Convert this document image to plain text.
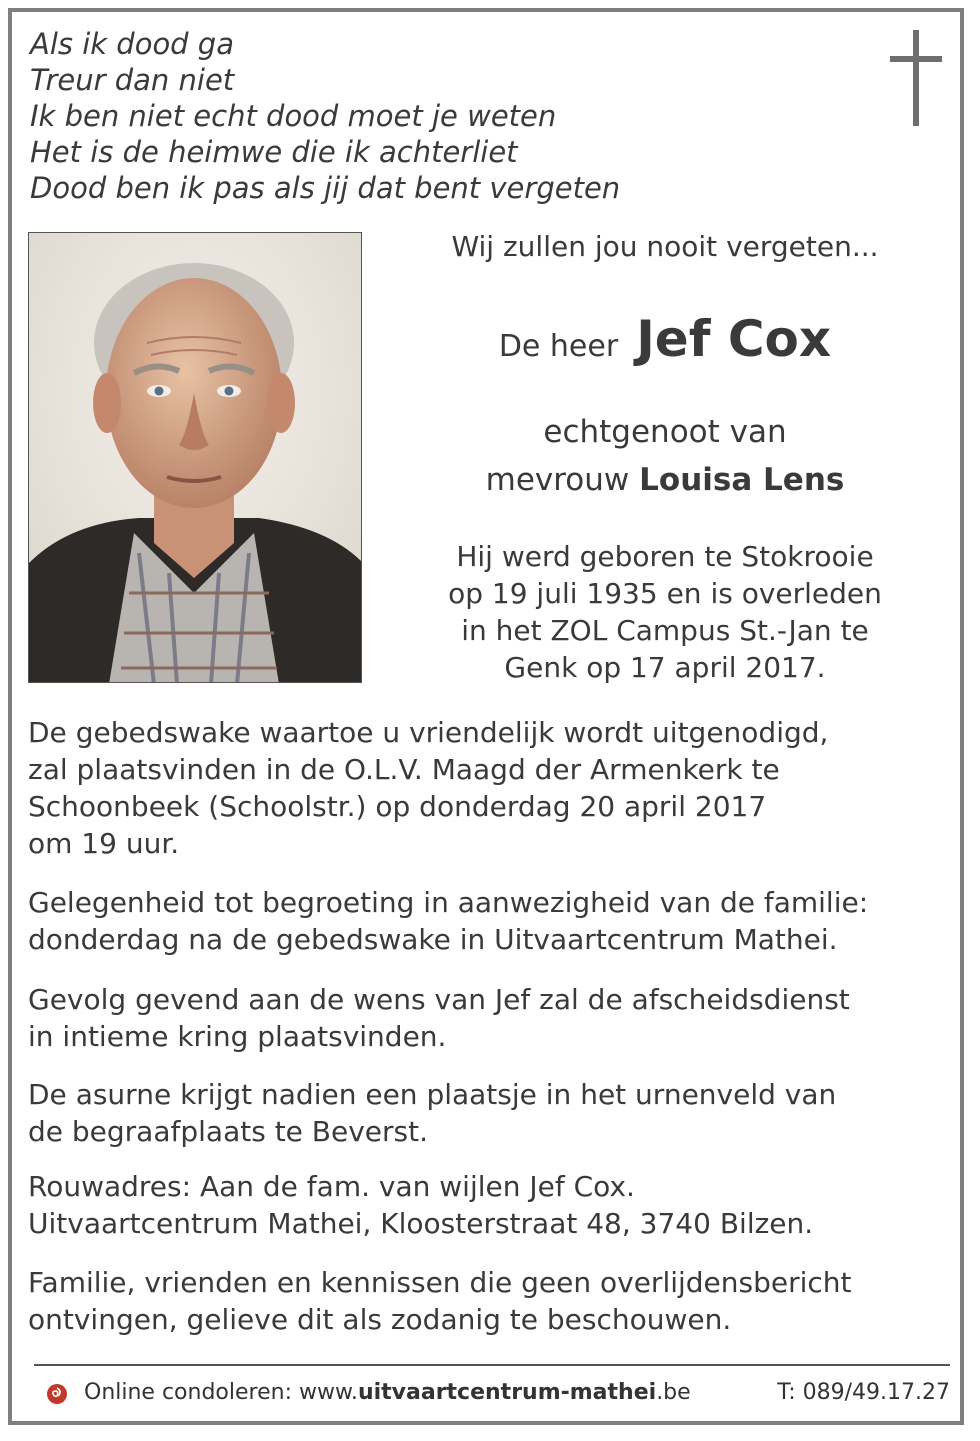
Als ik dood ga
Treur dan niet
Ik ben niet echt dood moet je weten
Het is de heimwe die ik achterliet
Dood ben ik pas als jij dat bent vergeten
Wij zullen jou nooit vergeten...
De heer Jef Cox
echtgenoot van
mevrouw Louisa Lens
Hij werd geboren te Stokrooie
op 19 juli 1935 en is overleden
in het ZOL Campus St.-Jan te
Genk op 17 april 2017.
De gebedswake waartoe u vriendelijk wordt uitgenodigd,
zal plaatsvinden in de O.L.V. Maagd der Armenkerk te
Schoonbeek (Schoolstr.) op donderdag 20 april 2017
om 19 uur.
Gelegenheid tot begroeting in aanwezigheid van de familie:
donderdag na de gebedswake in Uitvaartcentrum Mathei.
Gevolg gevend aan de wens van Jef zal de afscheidsdienst
in intieme kring plaatsvinden.
De asurne krijgt nadien een plaatsje in het urnenveld van
de begraafplaats te Beverst.
Rouwadres: Aan de fam. van wijlen Jef Cox.
Uitvaartcentrum Mathei, Kloosterstraat 48, 3740 Bilzen.
Familie, vrienden en kennissen die geen overlijdensbericht
ontvingen, gelieve dit als zodanig te beschouwen.
Online condoleren: www.uitvaartcentrum-mathei.be	T: 089/49.17.27
